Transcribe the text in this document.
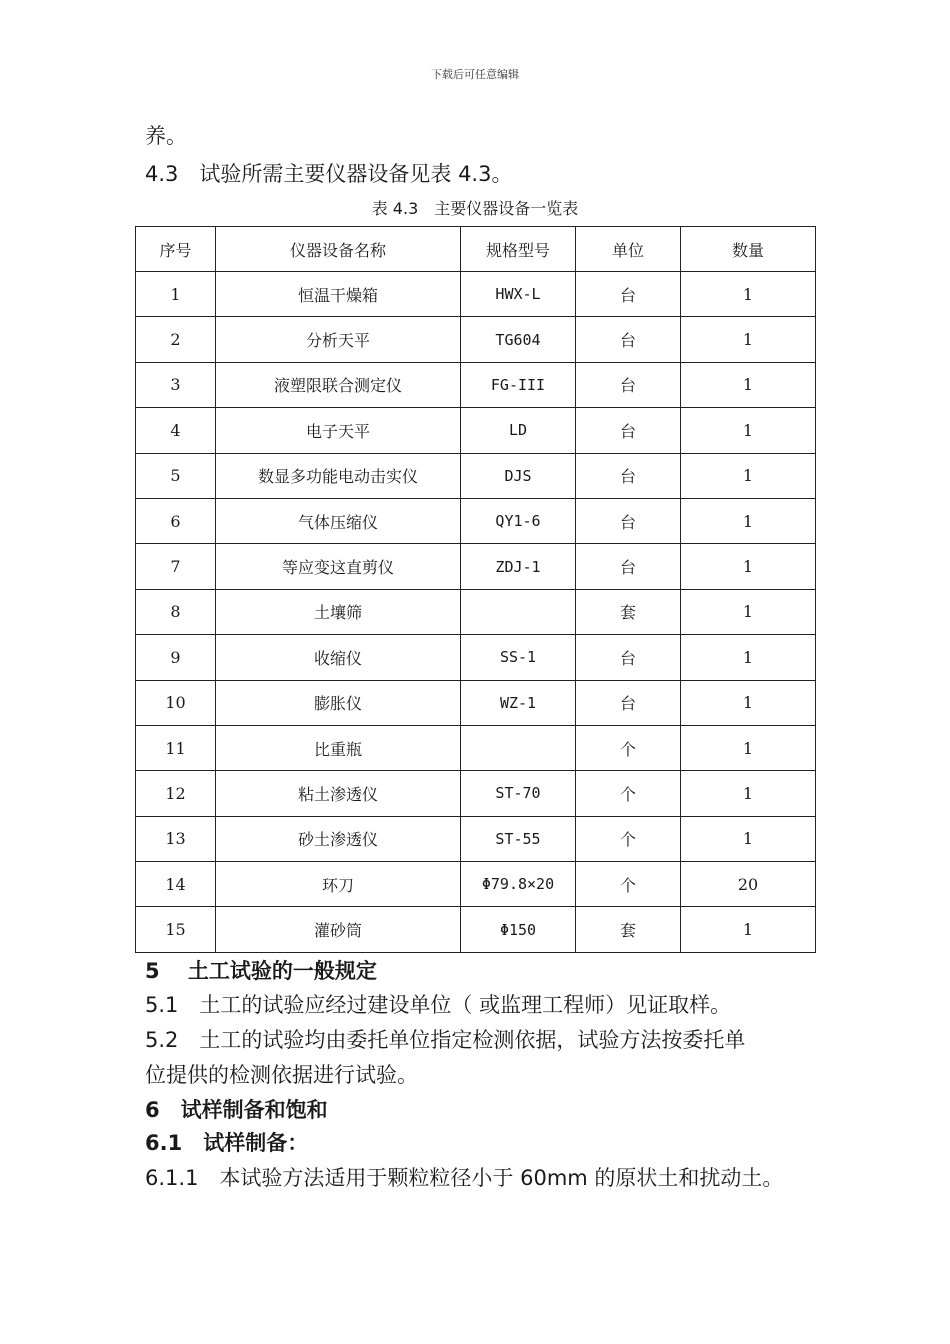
下载后可任意编辑
养。
4.3　试验所需主要仪器设备见表 4.3。
表 4.3　主要仪器设备一览表
序号	仪器设备名称	规格型号	单位	数量
1	恒温干燥箱	HWX-L	台	1
2	分析天平	TG604	台	1
3	液塑限联合测定仪	FG-III	台	1
4	电子天平	LD	台	1
5	数显多功能电动击实仪	DJS	台	1
6	气体压缩仪	QY1-6	台	1
7	等应变这直剪仪	ZDJ-1	台	1
8	土壤筛		套	1
9	收缩仪	SS-1	台	1
10	膨胀仪	WZ-1	台	1
11	比重瓶		个	1
12	粘土渗透仪	ST-70	个	1
13	砂土渗透仪	ST-55	个	1
14	环刀	Φ79.8×20	个	20
15	灌砂筒	Φ150	套	1
5　 土工试验的一般规定
5.1　土工的试验应经过建设单位（ 或监理工程师）见证取样。
5.2　土工的试验均由委托单位指定检测依据，试验方法按委托单
位提供的检测依据进行试验。
6　试样制备和饱和
6.1　试样制备：
6.1.1　本试验方法适用于颗粒粒径小于 60mm 的原状土和扰动土。
